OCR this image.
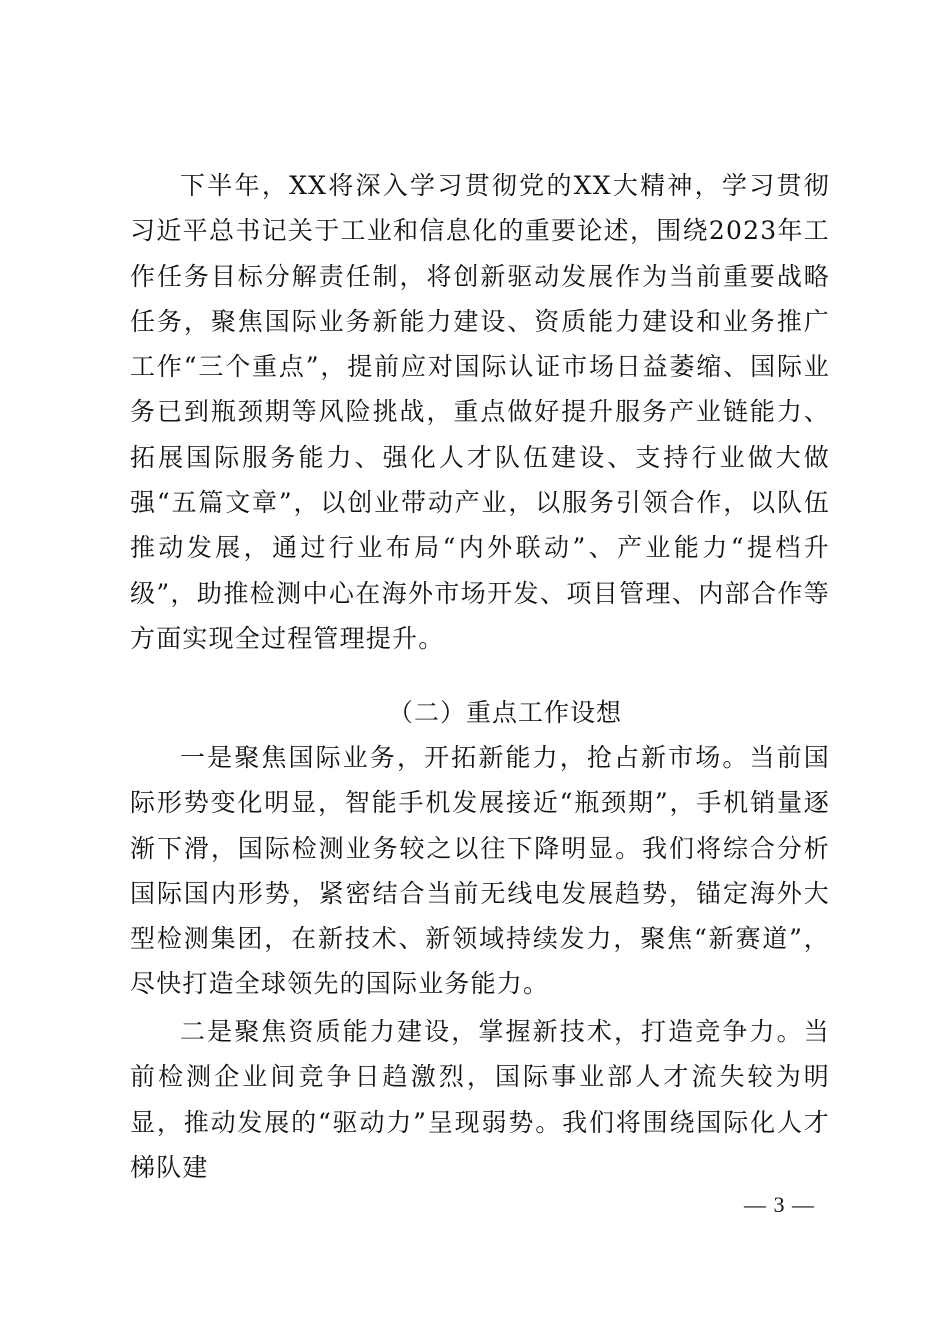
下半年，XX将深入学习贯彻党的XX大精神，学习贯彻习近平总书记关于工业和信息化的重要论述，围绕2023年工作任务目标分解责任制，将创新驱动发展作为当前重要战略任务，聚焦国际业务新能力建设、资质能力建设和业务推广工作“三个重点”，提前应对国际认证市场日益萎缩、国际业务已到瓶颈期等风险挑战，重点做好提升服务产业链能力、拓展国际服务能力、强化人才队伍建设、支持行业做大做强“五篇文章”，以创业带动产业，以服务引领合作，以队伍推动发展，通过行业布局“内外联动”、产业能力“提档升级”，助推检测中心在海外市场开发、项目管理、内部合作等方面实现全过程管理提升。

（二）重点工作设想

一是聚焦国际业务，开拓新能力，抢占新市场。当前国际形势变化明显，智能手机发展接近“瓶颈期”，手机销量逐渐下滑，国际检测业务较之以往下降明显。我们将综合分析国际国内形势，紧密结合当前无线电发展趋势，锚定海外大型检测集团，在新技术、新领域持续发力，聚焦“新赛道”，尽快打造全球领先的国际业务能力。

二是聚焦资质能力建设，掌握新技术，打造竞争力。当前检测企业间竞争日趋激烈，国际事业部人才流失较为明显，推动发展的“驱动力”呈现弱势。我们将围绕国际化人才梯队建

— 3 —
